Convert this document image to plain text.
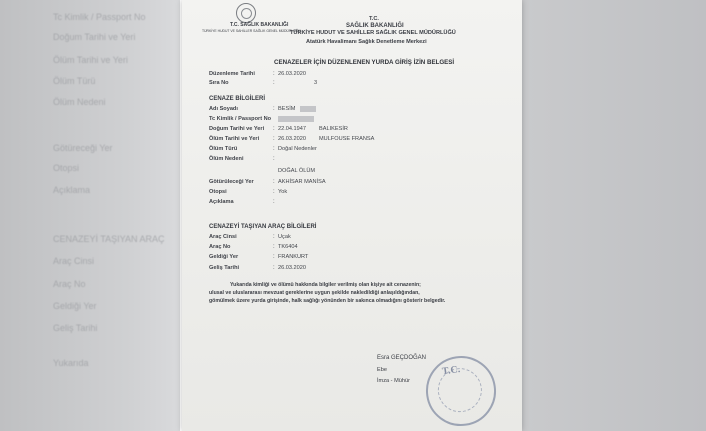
Tc Kimlik / Passport No
Doğum Tarihi ve Yeri
Ölüm Tarihi ve Yeri
Ölüm Türü
Ölüm Nedeni
Götüreceği Yer
Otopsi
Açıklama
CENAZEYİ TAŞIYAN ARAÇ
Araç Cinsi
Araç No
Geldiği Yer
Geliş Tarihi
Yukarıda
T.C. SAĞLIK BAKANLIĞI
TÜRKİYE HUDUT VE SAHİLLER SAĞLIK GENEL MÜDÜRLÜĞÜ
T.C.
SAĞLIK BAKANLIĞI
TÜRKİYE HUDUT VE SAHİLLER SAĞLIK GENEL MÜDÜRLÜĞÜ
Atatürk Havalimanı Sağlık Denetleme Merkezi
CENAZELER İÇİN DÜZENLENEN YURDA GİRİŞ İZİN BELGESİ
Düzenleme Tarihi	: 26.03.2020
Sıra No	:	3
CENAZE BİLGİLERİ
Adı Soyadı	: BESİM
Tc Kimlik / Passport No
Doğum Tarihi ve Yeri : 22.04.1947 BALIKESİR
Ölüm Tarihi ve Yeri : 26.03.2020 MULFOUSE FRANSA
Ölüm Türü	: Doğal Nedenler
Ölüm Nedeni	:
DOĞAL ÖLÜM
Götürüleceği Yer	: AKHİSAR MANİSA
Otopsi	: Yok
Açıklama	:
CENAZEYİ TAŞIYAN ARAÇ BİLGİLERİ
Araç Cinsi	: Uçak
Araç No	: TK6404
Geldiği Yer	: FRANKURT
Geliş Tarihi	: 26.03.2020
Yukarıda kimliği ve ölümü hakkında bilgiler verilmiş olan kişiye ait cenazenin;
ulusal ve uluslararası mevzuat gereklerine uygun şekilde nakledildiği anlaşıldığından,
gömülmek üzere yurda girişinde, halk sağlığı yönünden bir sakınca olmadığını gösterir belgedir.
Esra GEÇDOĞAN
Ebe
İmza - Mühür
T.C.
